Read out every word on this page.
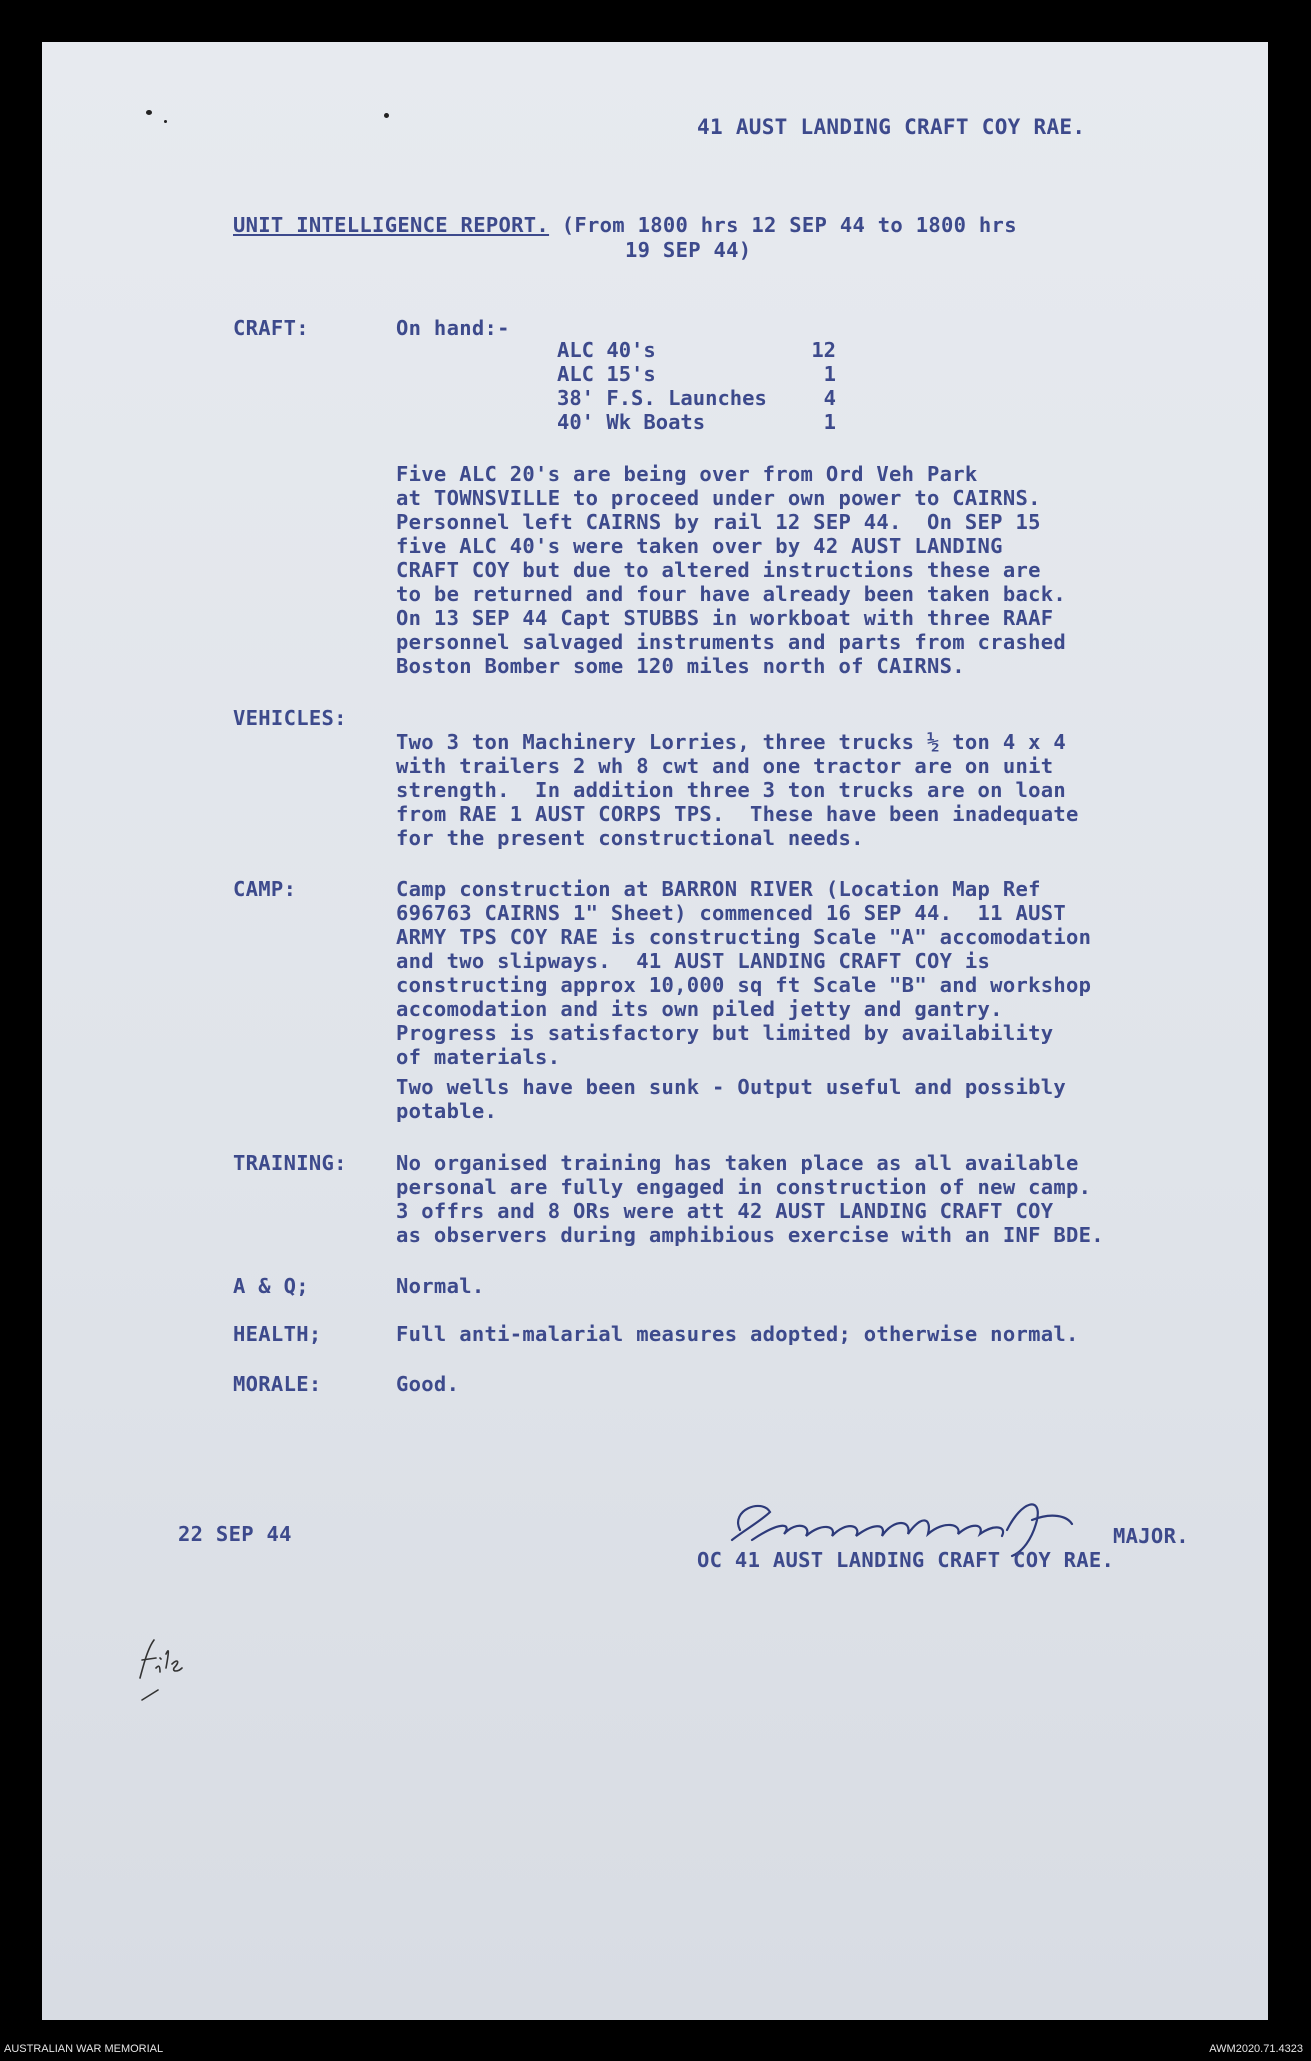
41 AUST LANDING CRAFT COY RAE.
UNIT INTELLIGENCE REPORT. (From 1800 hrs 12 SEP 44 to 1800 hrs
19 SEP 44)
CRAFT:	On hand:-
ALC 40's	12
ALC 15's	1
38' F.S. Launches	4
40' Wk Boats	1
Five ALC 20's are being over from Ord Veh Park
at TOWNSVILLE to proceed under own power to CAIRNS.
Personnel left CAIRNS by rail 12 SEP 44.  On SEP 15
five ALC 40's were taken over by 42 AUST LANDING
CRAFT COY but due to altered instructions these are
to be returned and four have already been taken back.
On 13 SEP 44 Capt STUBBS in workboat with three RAAF
personnel salvaged instruments and parts from crashed
Boston Bomber some 120 miles north of CAIRNS.
VEHICLES:
Two 3 ton Machinery Lorries, three trucks ½ ton 4 x 4
with trailers 2 wh 8 cwt and one tractor are on unit
strength.  In addition three 3 ton trucks are on loan
from RAE 1 AUST CORPS TPS.  These have been inadequate
for the present constructional needs.
CAMP:	Camp construction at BARRON RIVER (Location Map Ref
696763 CAIRNS 1" Sheet) commenced 16 SEP 44.  11 AUST
ARMY TPS COY RAE is constructing Scale "A" accomodation
and two slipways.  41 AUST LANDING CRAFT COY is
constructing approx 10,000 sq ft Scale "B" and workshop
accomodation and its own piled jetty and gantry.
Progress is satisfactory but limited by availability
of materials.
Two wells have been sunk - Output useful and possibly
potable.
TRAINING: No organised training has taken place as all available
personal are fully engaged in construction of new camp.
3 offrs and 8 ORs were att 42 AUST LANDING CRAFT COY
as observers during amphibious exercise with an INF BDE.
A & Q;	Normal.
HEALTH;	Full anti-malarial measures adopted; otherwise normal.
MORALE:	Good.
22 SEP 44	MAJOR.
OC 41 AUST LANDING CRAFT COY RAE.
AUSTRALIAN WAR MEMORIAL	AWM2020.71.4323
